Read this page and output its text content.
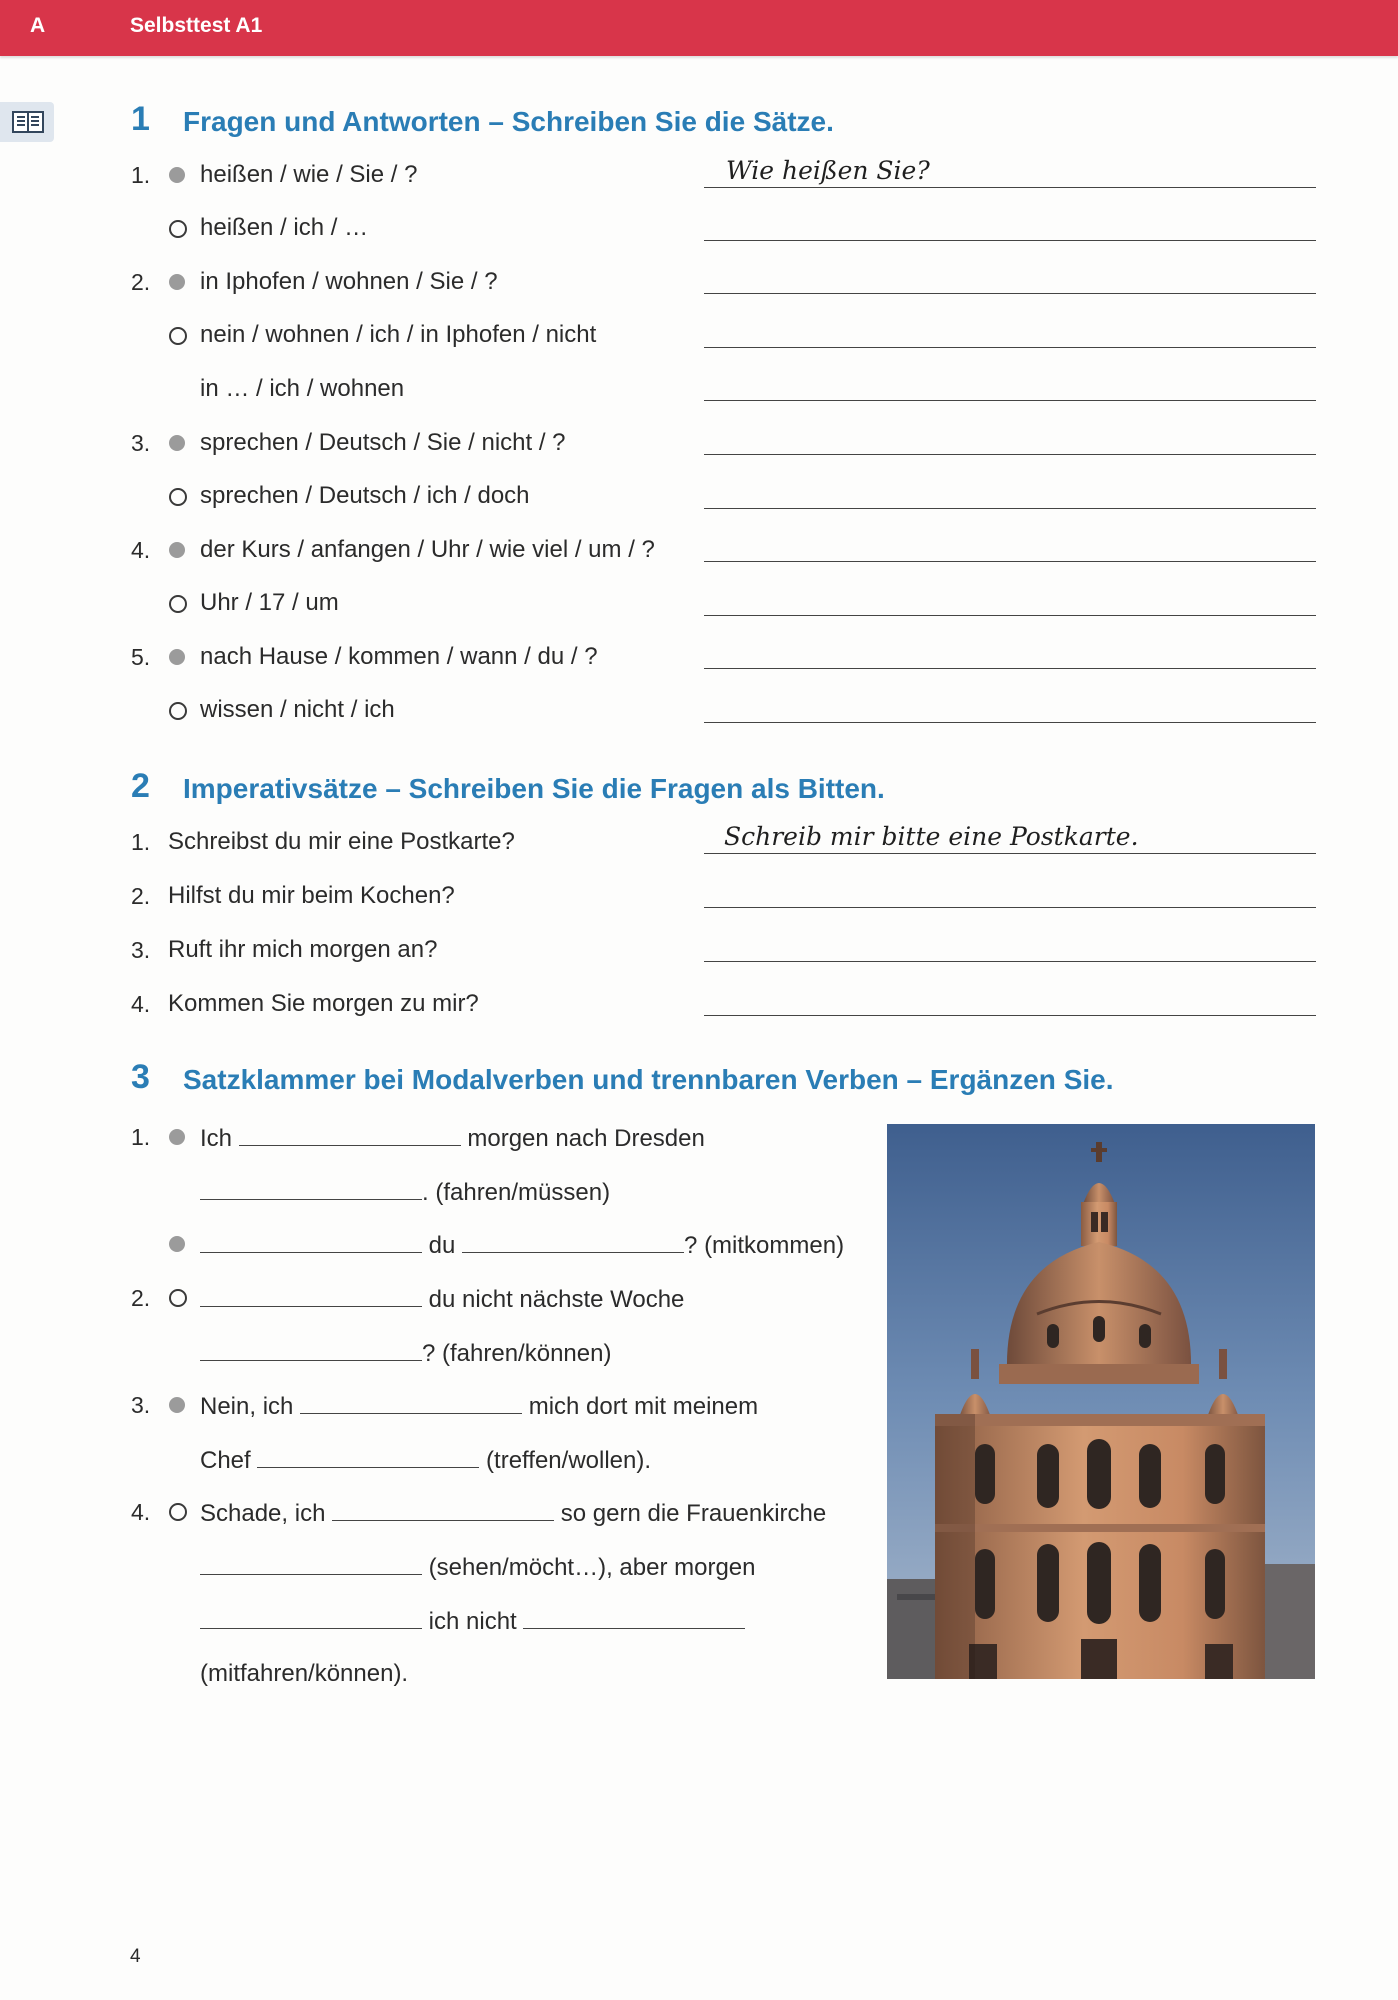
A	Selbsttest A1
1 Fragen und Antworten – Schreiben Sie die Sätze.
1. heißen / wie / Sie / ?	Wie heißen Sie?
heißen / ich / …
2. in Iphofen / wohnen / Sie / ?
nein / wohnen / ich / in Iphofen / nicht
in … / ich / wohnen
3. sprechen / Deutsch / Sie / nicht / ?
sprechen / Deutsch / ich / doch
4. der Kurs / anfangen / Uhr / wie viel / um / ?
Uhr / 17 / um
5. nach Hause / kommen / wann / du / ?
wissen / nicht / ich
2 Imperativsätze – Schreiben Sie die Fragen als Bitten.
1. Schreibst du mir eine Postkarte?	Schreib mir bitte eine Postkarte.
2. Hilfst du mir beim Kochen?
3. Ruft ihr mich morgen an?
4. Kommen Sie morgen zu mir?
3 Satzklammer bei Modalverben und trennbaren Verben – Ergänzen Sie.
1. Ich	morgen nach Dresden
. (fahren/müssen)
du	? (mitkommen)
2.	du nicht nächste Woche
? (fahren/können)
3. Nein, ich	mich dort mit meinem
Chef	(treffen/wollen).
4. Schade, ich	so gern die Frauenkirche
(sehen/möcht…), aber morgen
ich nicht
(mitfahren/können).
4
